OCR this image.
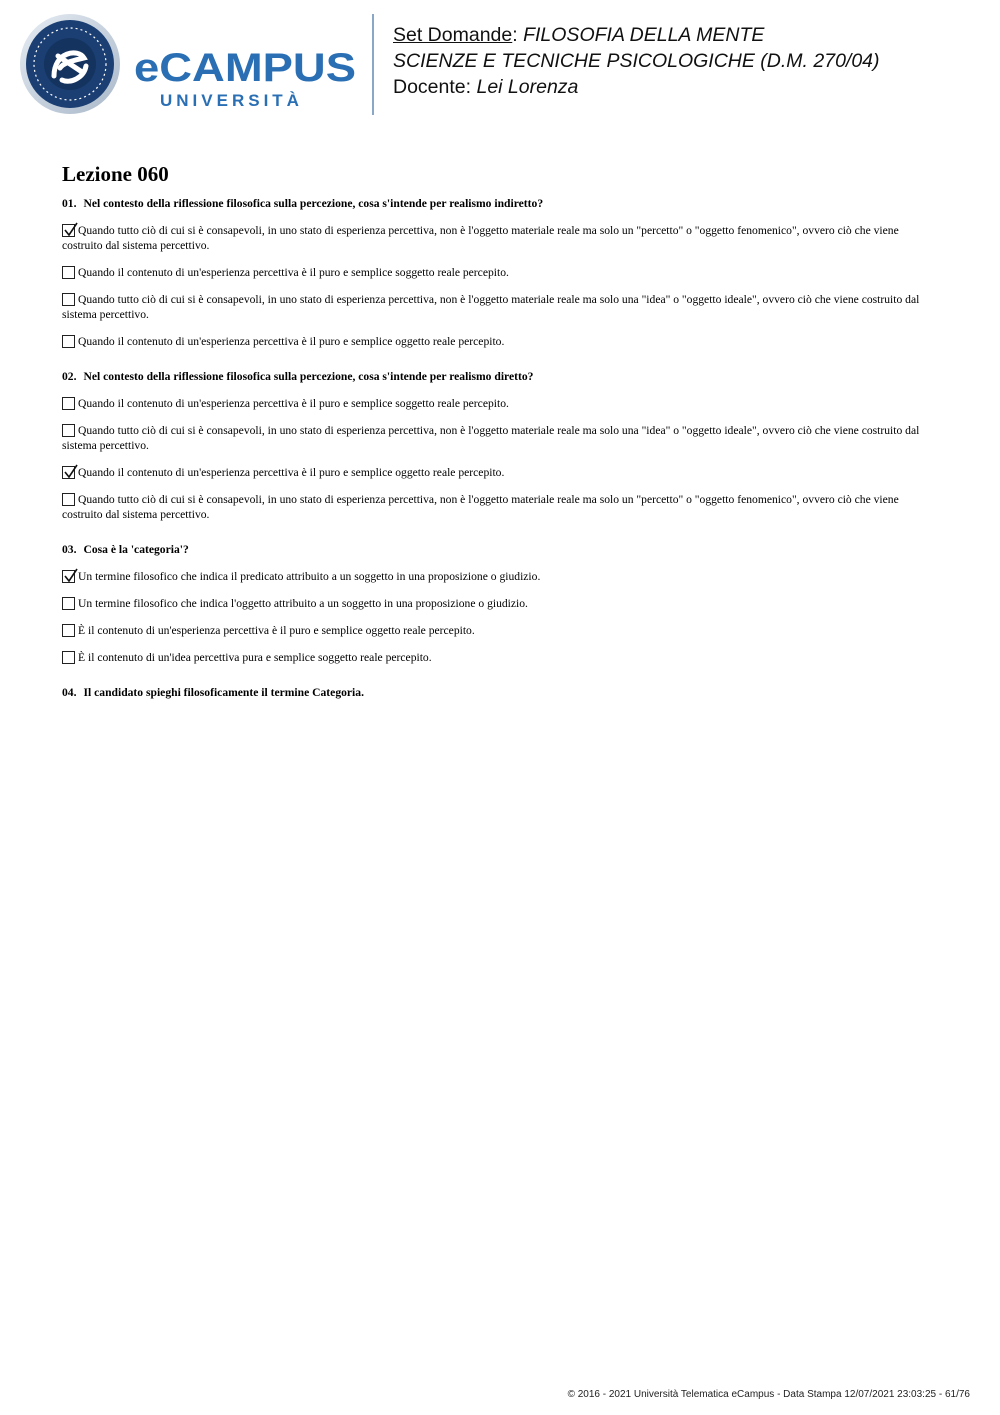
eCAMPUS
UNIVERSITÀ
Set Domande: FILOSOFIA DELLA MENTE
SCIENZE E TECNICHE PSICOLOGICHE (D.M. 270/04)
Docente: Lei Lorenza
Lezione 060

01. Nel contesto della riflessione filosofica sulla percezione, cosa s'intende per realismo indiretto?

Quando tutto ciò di cui si è consapevoli, in uno stato di esperienza percettiva, non è l'oggetto materiale reale ma solo un "percetto" o "oggetto fenomenico", ovvero ciò che viene costruito dal sistema percettivo.

Quando il contenuto di un'esperienza percettiva è il puro e semplice soggetto reale percepito.

Quando tutto ciò di cui si è consapevoli, in uno stato di esperienza percettiva, non è l'oggetto materiale reale ma solo una "idea" o "oggetto ideale", ovvero ciò che viene costruito dal sistema percettivo.

Quando il contenuto di un'esperienza percettiva è il puro e semplice oggetto reale percepito.

02. Nel contesto della riflessione filosofica sulla percezione, cosa s'intende per realismo diretto?

Quando il contenuto di un'esperienza percettiva è il puro e semplice soggetto reale percepito.

Quando tutto ciò di cui si è consapevoli, in uno stato di esperienza percettiva, non è l'oggetto materiale reale ma solo una "idea" o "oggetto ideale", ovvero ciò che viene costruito dal sistema percettivo.

Quando il contenuto di un'esperienza percettiva è il puro e semplice oggetto reale percepito.

Quando tutto ciò di cui si è consapevoli, in uno stato di esperienza percettiva, non è l'oggetto materiale reale ma solo un "percetto" o "oggetto fenomenico", ovvero ciò che viene costruito dal sistema percettivo.

03. Cosa è la 'categoria'?

Un termine filosofico che indica il predicato attribuito a un soggetto in una proposizione o giudizio.

Un termine filosofico che indica l'oggetto attribuito a un soggetto in una proposizione o giudizio.

È il contenuto di un'esperienza percettiva è il puro e semplice oggetto reale percepito.

È il contenuto di un'idea percettiva pura e semplice soggetto reale percepito.

04. Il candidato spieghi filosoficamente il termine Categoria.

© 2016 - 2021 Università Telematica eCampus - Data Stampa 12/07/2021 23:03:25 - 61/76
